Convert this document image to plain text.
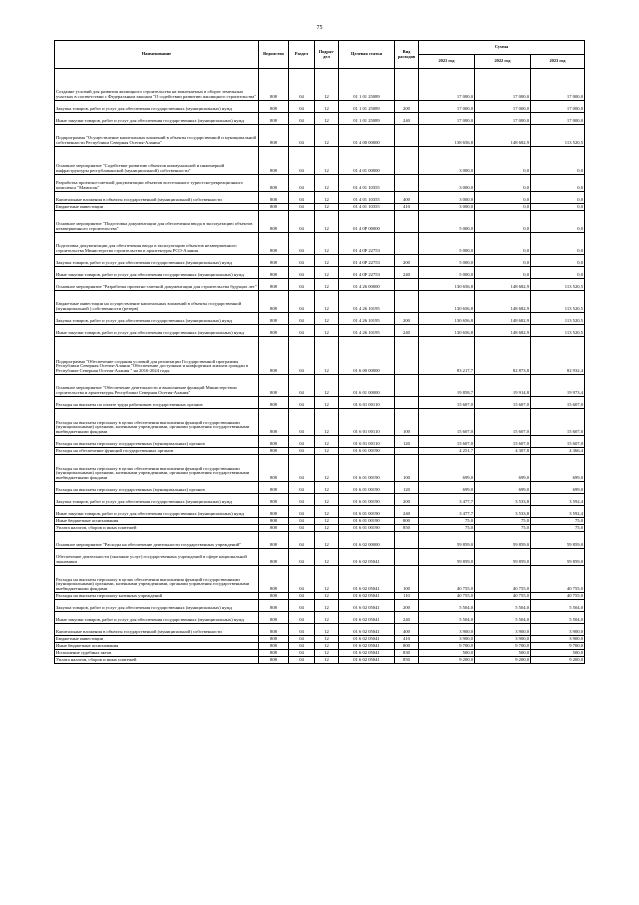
75
Наименование	Ведомство	Раздел	Подраз-дел	Целевая статья	Вид расходов	Сумма		
						2021 год	2022 год	2023 год
Создание условий для развития жилищного строительства на вовлекаемых в оборот земельных участках в соответствии с Федеральным законом "О содействии развитию жилищного строительства"	808	04	12	01 1 01 25089		17 000,0	17 000,0	17 000,0
Закупка товаров, работ и услуг для обеспечения государственных (муниципальных) нужд	808	04	12	01 1 01 25089	200	17 000,0	17 000,0	17 000,0
Иные закупки товаров, работ и услуг для обеспечения государственных (муниципальных) нужд	808	04	12	01 1 01 25089	240	17 000,0	17 000,0	17 000,0
Подпрограмма "Осуществление капитальных вложений в объекты государственной и муниципальной собственности Республики Северная Осетия-Алания"	808	04	12	01 4 00 00000		138 656,8	148 682,9	113 520,5
Основное мероприятие "Содействие развитию объектов коммунальной и инженерной инфраструктуры республиканской (муниципальной) собственности"	808	04	12	01 4 01 00000		3 000,0	0,0	0,0
Разработка проектно-сметной документации объектов всесезонного туристско-рекреационного комплекса "Мамисон"	808	04	12	01 4 01 10355		3 000,0	0,0	0,0
Капитальные вложения в объекты государственной (муниципальной) собственности	808	04	12	01 4 01 10355	400	3 000,0	0,0	0,0
Бюджетные инвестиции	808	04	12	01 4 01 10355	410	3 000,0	0,0	0,0
Основное мероприятие "Подготовка документации для обеспечения ввода в эксплуатацию объектов незавершенного строительства"	808	04	12	01 4 0Р 00000		5 000,0	0,0	0,0
Подготовка документации для обеспечения ввода в эксплуатацию объектов незавершенного строительства Министерства строительства и архитектуры РСО-Алания	808	04	12	01 4 0Р 22753		5 000,0	0,0	0,0
Закупка товаров, работ и услуг для обеспечения государственных (муниципальных) нужд	808	04	12	01 4 0Р 22753	200	5 000,0	0,0	0,0
Иные закупки товаров, работ и услуг для обеспечения государственных (муниципальных) нужд	808	04	12	01 4 0Р 22753	240	5 000,0	0,0	0,0
Основное мероприятие "Разработка проектно-сметной документации для строительства будущих лет"	808	04	12	01 4 26 00000		130 656,8	148 682,9	113 520,5
Бюджетные инвестиции на осуществление капитальных вложений в объекты государственной (муниципальной ) собственности (резерв)	808	04	12	01 4 26 10195		130 656,8	148 682,9	113 520,5
Закупка товаров, работ и услуг для обеспечения государственных (муниципальных) нужд	808	04	12	01 4 26 10195	200	130 656,8	148 682,9	113 520,5
Иные закупки товаров, работ и услуг для обеспечения государственных (муниципальных) нужд	808	04	12	01 4 26 10195	240	130 656,8	148 682,9	113 520,5
Подпрограмма "Обеспечение создания условий для реализации Государственной программы Республики Северная Осетия-Алания "Обеспечение доступным и комфортным жильем граждан в Республике Северная Осетия-Алания " на 2016-2024 годы	808	04	12	01 6 00 00000		83 217,7	82 873,8	82 932,4
Основное мероприятие "Обеспечение деятельности и выполнение функций Министерством строительства и архитектуры Республики Северная Осетия-Алания"	808	04	12	01 6 01 00000		19 858,7	19 914,8	19 973,4
Расходы на выплаты по оплате труда работников государственных органов	808	04	12	01 6 01 00110		15 607,0	15 607,0	15 607,0
Расходы на выплаты персоналу в целях обеспечения выполнения функций государственными (муниципальными) органами, казенными учреждениями, органами управления государственными внебюджетными фондами	808	04	12	01 6 01 00110	100	15 607,0	15 607,0	15 607,0
Расходы на выплаты персоналу государственных (муниципальных) органов	808	04	12	01 6 01 00110	120	15 607,0	15 607,0	15 607,0
Расходы на обеспечение функций государственных органов	808	04	12	01 6 01 00190		4 251,7	4 307,8	4 366,4
Расходы на выплаты персоналу в целях обеспечения выполнения функций государственными (муниципальными) органами, казенными учреждениями, органами управления государственными внебюджетными фондами	808	04	12	01 6 01 00190	100	699,0	699,0	699,0
Расходы на выплаты персоналу государственных (муниципальных) органов	808	04	12	01 6 01 00190	120	699,0	699,0	699,0
Закупка товаров, работ и услуг для обеспечения государственных (муниципальных) нужд	808	04	12	01 6 01 00190	200	3 477,7	3 533,8	3 592,4
Иные закупки товаров, работ и услуг для обеспечения государственных (муниципальных) нужд	808	04	12	01 6 01 00190	240	3 477,7	3 533,8	3 592,4
Иные бюджетные ассигнования	808	04	12	01 6 01 00190	800	75,0	75,0	75,0
Уплата налогов, сборов и иных платежей	808	04	12	01 6 01 00190	850	75,0	75,0	75,0
Основное мероприятие "Расходы на обеспечение деятельности государственных учреждений"	808	04	12	01 6 02 00000		59 859,0	59 859,0	59 859,0
Обеспечение деятельности (оказание услуг) государственных учреждений в сфере национальной экономики	808	04	12	01 6 02 05041		59 859,0	59 859,0	59 859,0
Расходы на выплаты персоналу в целях обеспечения выполнения функций государственными (муниципальными) органами, казенными учреждениями, органами управления государственными внебюджетными фондами	808	04	12	01 6 02 05041	100	40 755,0	40 755,0	40 755,0
Расходы на выплаты персоналу казенных учреждений	808	04	12	01 6 02 05041	110	40 755,0	40 755,0	40 755,0
Закупка товаров, работ и услуг для обеспечения государственных (муниципальных) нужд	808	04	12	01 6 02 05041	200	5 504,0	5 504,0	5 504,0
Иные закупки товаров, работ и услуг для обеспечения государственных (муниципальных) нужд	808	04	12	01 6 02 05041	240	5 504,0	5 504,0	5 504,0
Капитальные вложения в объекты государственной (муниципальной) собственности	808	04	12	01 6 02 05041	400	3 900,0	3 900,0	3 900,0
Бюджетные инвестиции	808	04	12	01 6 02 05041	410	3 900,0	3 900,0	3 900,0
Иные бюджетные ассигнования	808	04	12	01 6 02 05041	800	9 700,0	9 700,0	9 700,0
Исполнение судебных актов	808	04	12	01 6 02 05041	830	500,0	500,0	500,0
Уплата налогов, сборов и иных платежей	808	04	12	01 6 02 05041	850	9 200,0	9 200,0	9 200,0
